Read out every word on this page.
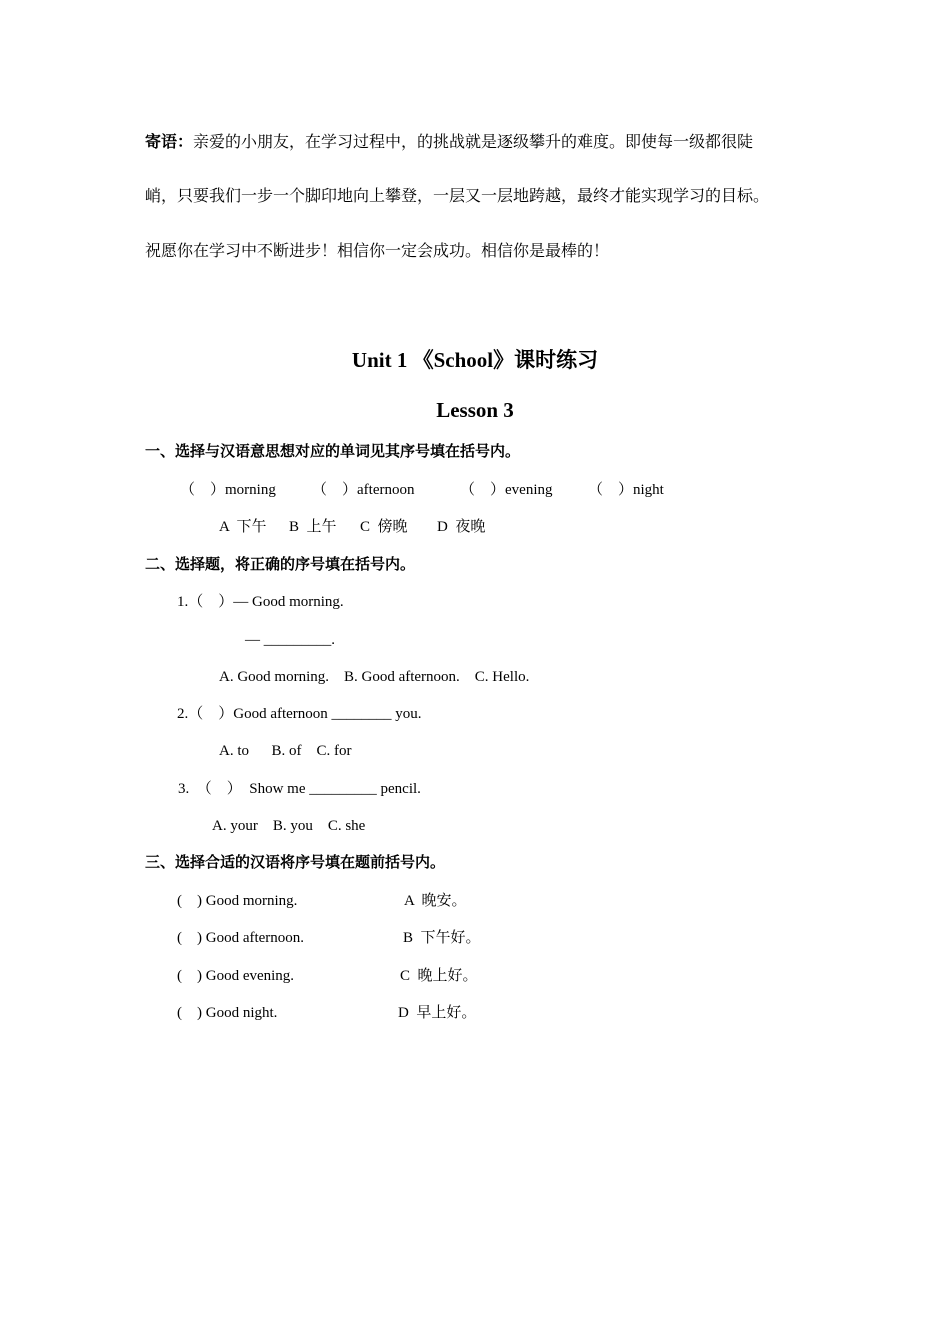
寄语：亲爱的小朋友，在学习过程中，的挑战就是逐级攀升的难度。即使每一级都很陡
峭，只要我们一步一个脚印地向上攀登，一层又一层地跨越，最终才能实现学习的目标。
祝愿你在学习中不断进步！相信你一定会成功。相信你是最棒的！
Unit 1 《School》课时练习
Lesson 3
一、选择与汉语意思想对应的单词见其序号填在括号内。
（    ）morning （    ）afternoon	（    ）evening （    ）night
A  下午 B  上午 C  傍晚 D  夜晚
二、选择题，将正确的序号填在括号内。
1.（    ）— Good morning.
— _________.
A. Good morning.    B. Good afternoon.    C. Hello.
2.（    ）Good afternoon ________ you.
A. to      B. of    C. for
3.  （    ）  Show me _________ pencil.
A. your    B. you    C. she
三、选择合适的汉语将序号填在题前括号内。
(    ) Good morning.	A  晚安。
(    ) Good afternoon.	B  下午好。
(    ) Good evening.	C  晚上好。
(    ) Good night.	D  早上好。
